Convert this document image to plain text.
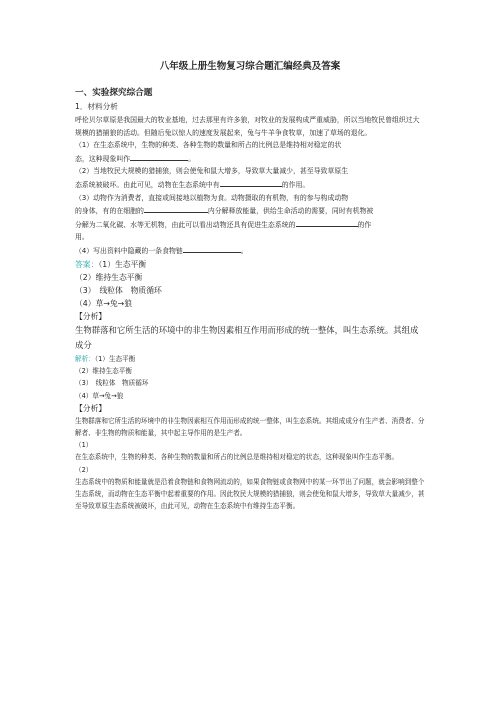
八年级上册生物复习综合题汇编经典及答案
一、实验探究综合题
1．材料分析

呼伦贝尔草原是我国最大的牧业基地，过去那里有许多狼，对牧业的发展构成严重威胁，所以当地牧民曾组织过大规模的猎捕狼的活动。但随后兔以惊人的速度发展起来，兔与牛羊争食牧草，加速了草场的退化。

（1）在生态系统中，生物的种类、各种生物的数量和所占的比例总是维持相对稳定的状
态，这种现象叫作	。

（2）当地牧民大规模的猎捕狼，则会使兔和鼠大增多，导致草大量减少，甚至导致草原生
态系统被破坏。由此可见，动物在生态系统中有	的作用。

（3）动物作为消费者，直接或间接地以植物为食。动物摄取的有机物，有的参与构成动物
的身体，有的在细胞的	内分解释放能量，供给生命活动的需要，同时有机物被
分解为二氧化碳、水等无机物，由此可以看出动物还具有促进生态系统的	的作
用。

（4）写出资料中隐藏的一条食物链	。

答案：（1）生态平衡
（2）维持生态平衡
（3）　线粒体　物质循环
（4）草→兔→狼

【分析】

生物群落和它所生活的环境中的非生物因素相互作用而形成的统一整体，叫生态系统。其组成成分

解析：（1）生态平衡
（2）维持生态平衡
（3）　线粒体　物质循环
（4）草→兔→狼

【分析】

生物群落和它所生活的环境中的非生物因素相互作用而形成的统一整体，叫生态系统。其组成成分有生产者、消费者、分解者、非生物的物质和能量，其中起主导作用的是生产者。

（1）

在生态系统中，生物的种类、各种生物的数量和所占的比例总是维持相对稳定的状态，这种现象叫作生态平衡。

（2）

生态系统中的物质和能量就是沿着食物链和食物网流动的，如果食物链或食物网中的某一环节出了问题，就会影响到整个生态系统，而动物在生态平衡中起着重要的作用。因此牧民大规模的猎捕狼，则会使兔和鼠大增多，导致草大量减少，甚至导致草原生态系统被破坏，由此可见，动物在生态系统中有维持生态平衡。
